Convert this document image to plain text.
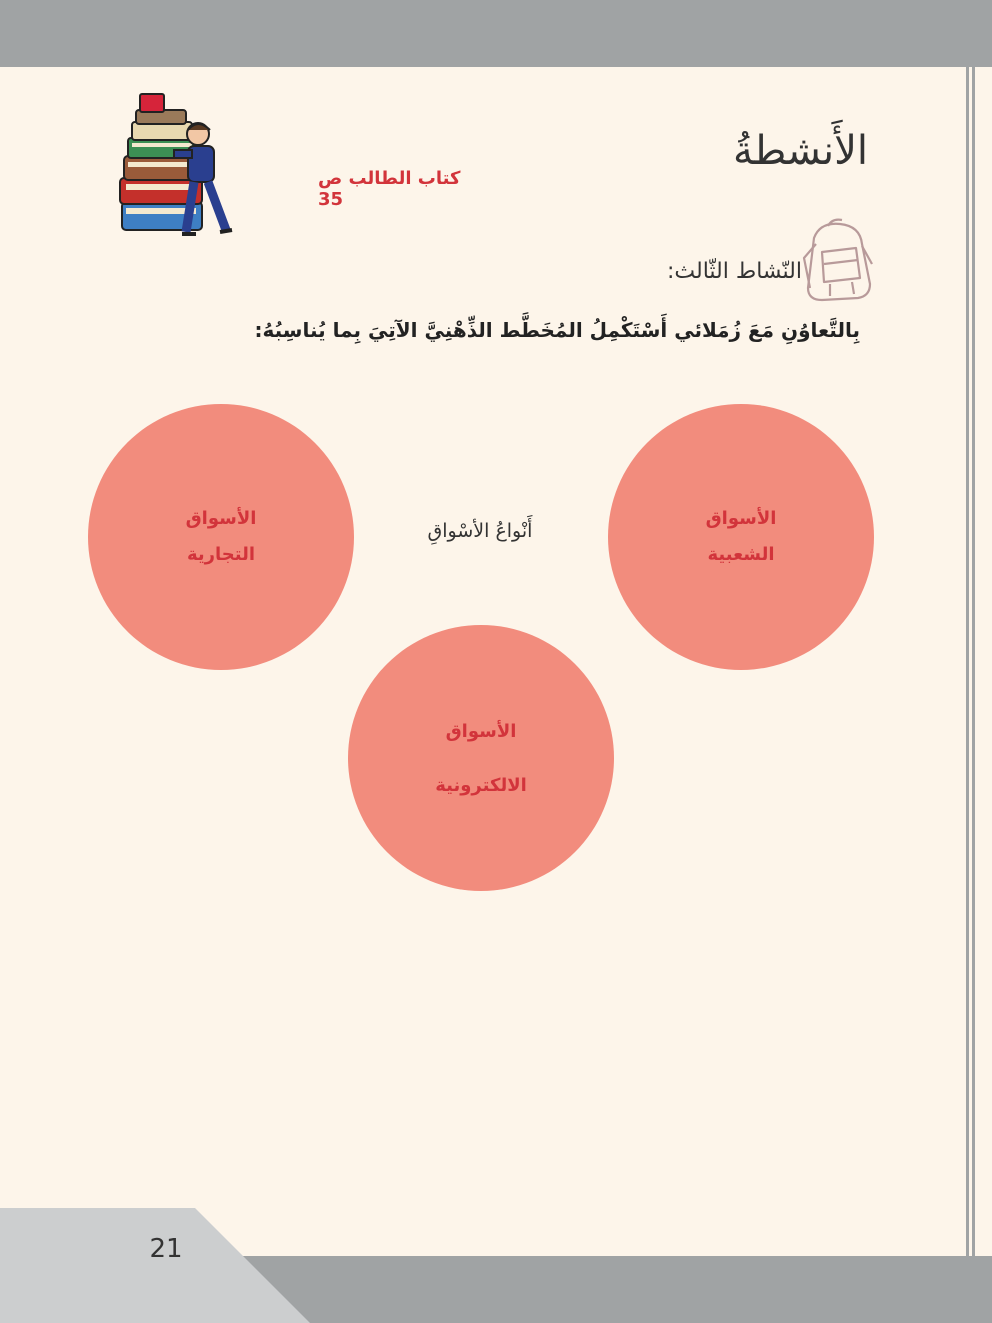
الأَنشطةُ
كتاب الطالب ص 35
النّشاط الثّالث:
بِالتَّعاوُنِ مَعَ زُمَلائي أَسْتَكْمِلُ المُخَطَّط الذِّهْنِيَّ الآتِيَ بِما يُناسِبُهُ:
الأسواق
الشعبية
الأسواق
التجارية
الأسواق
الالكترونية
أَنْواعُ الأسْواقِ
21
